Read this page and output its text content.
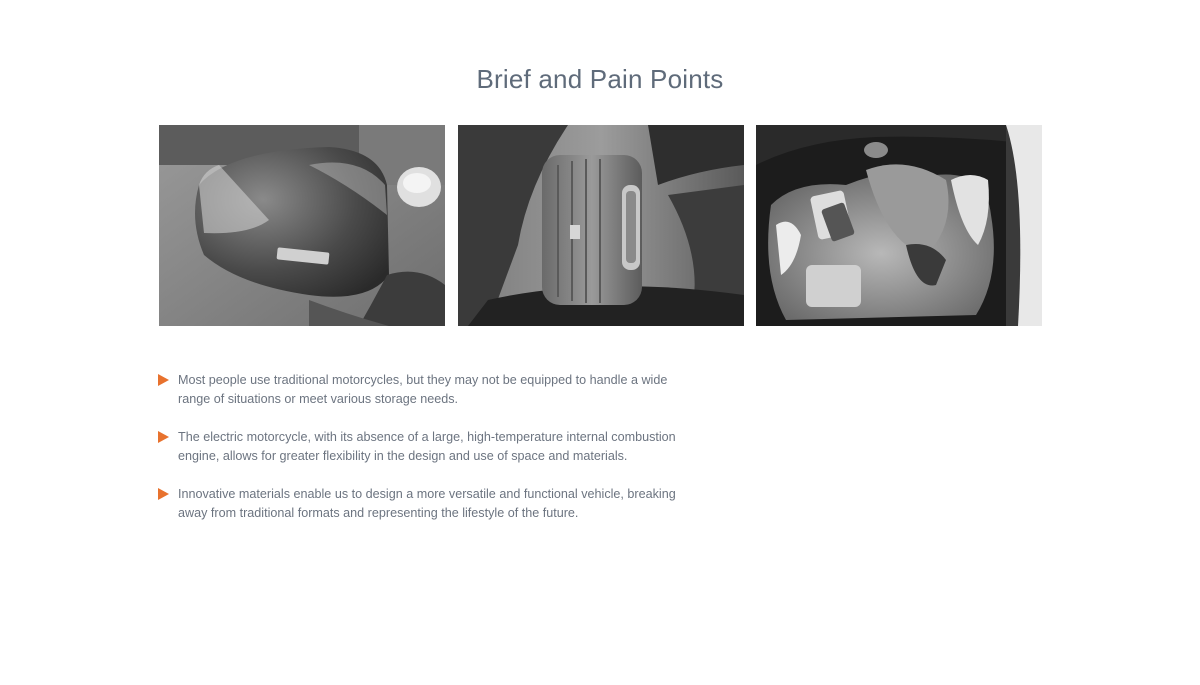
Brief and Pain Points
Most people use traditional motorcycles, but they may not be equipped to handle a wide range of situations or meet various storage needs.
The electric motorcycle, with its absence of a large, high-temperature internal combustion engine, allows for greater flexibility in the design and use of space and materials.
Innovative materials enable us to design a more versatile and functional vehicle, breaking away from traditional formats and representing the lifestyle of the future.
